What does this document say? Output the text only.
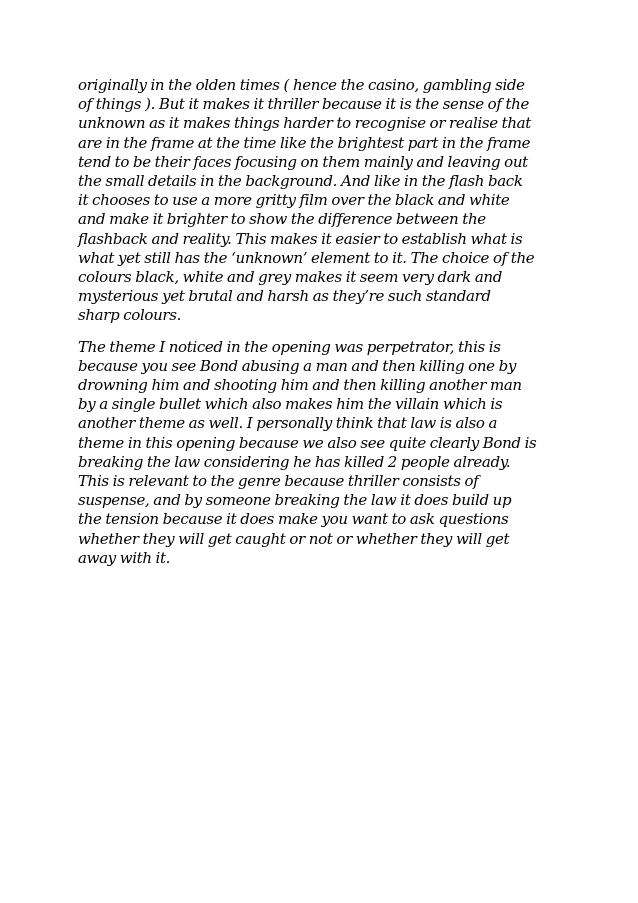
originally in the olden times ( hence the casino, gambling side
of things ). But it makes it thriller because it is the sense of the
unknown as it makes things harder to recognise or realise that
are in the frame at the time like the brightest part in the frame
tend to be their faces focusing on them mainly and leaving out
the small details in the background. And like in the flash back
it chooses to use a more gritty film over the black and white
and make it brighter to show the difference between the
flashback and reality. This makes it easier to establish what is
what yet still has the ‘unknown’ element to it. The choice of the
colours black, white and grey makes it seem very dark and
mysterious yet brutal and harsh as they’re such standard
sharp colours.

The theme I noticed in the opening was perpetrator, this is
because you see Bond abusing a man and then killing one by
drowning him and shooting him and then killing another man
by a single bullet which also makes him the villain which is
another theme as well. I personally think that law is also a
theme in this opening because we also see quite clearly Bond is
breaking the law considering he has killed 2 people already.
This is relevant to the genre because thriller consists of
suspense, and by someone breaking the law it does build up
the tension because it does make you want to ask questions
whether they will get caught or not or whether they will get
away with it.
